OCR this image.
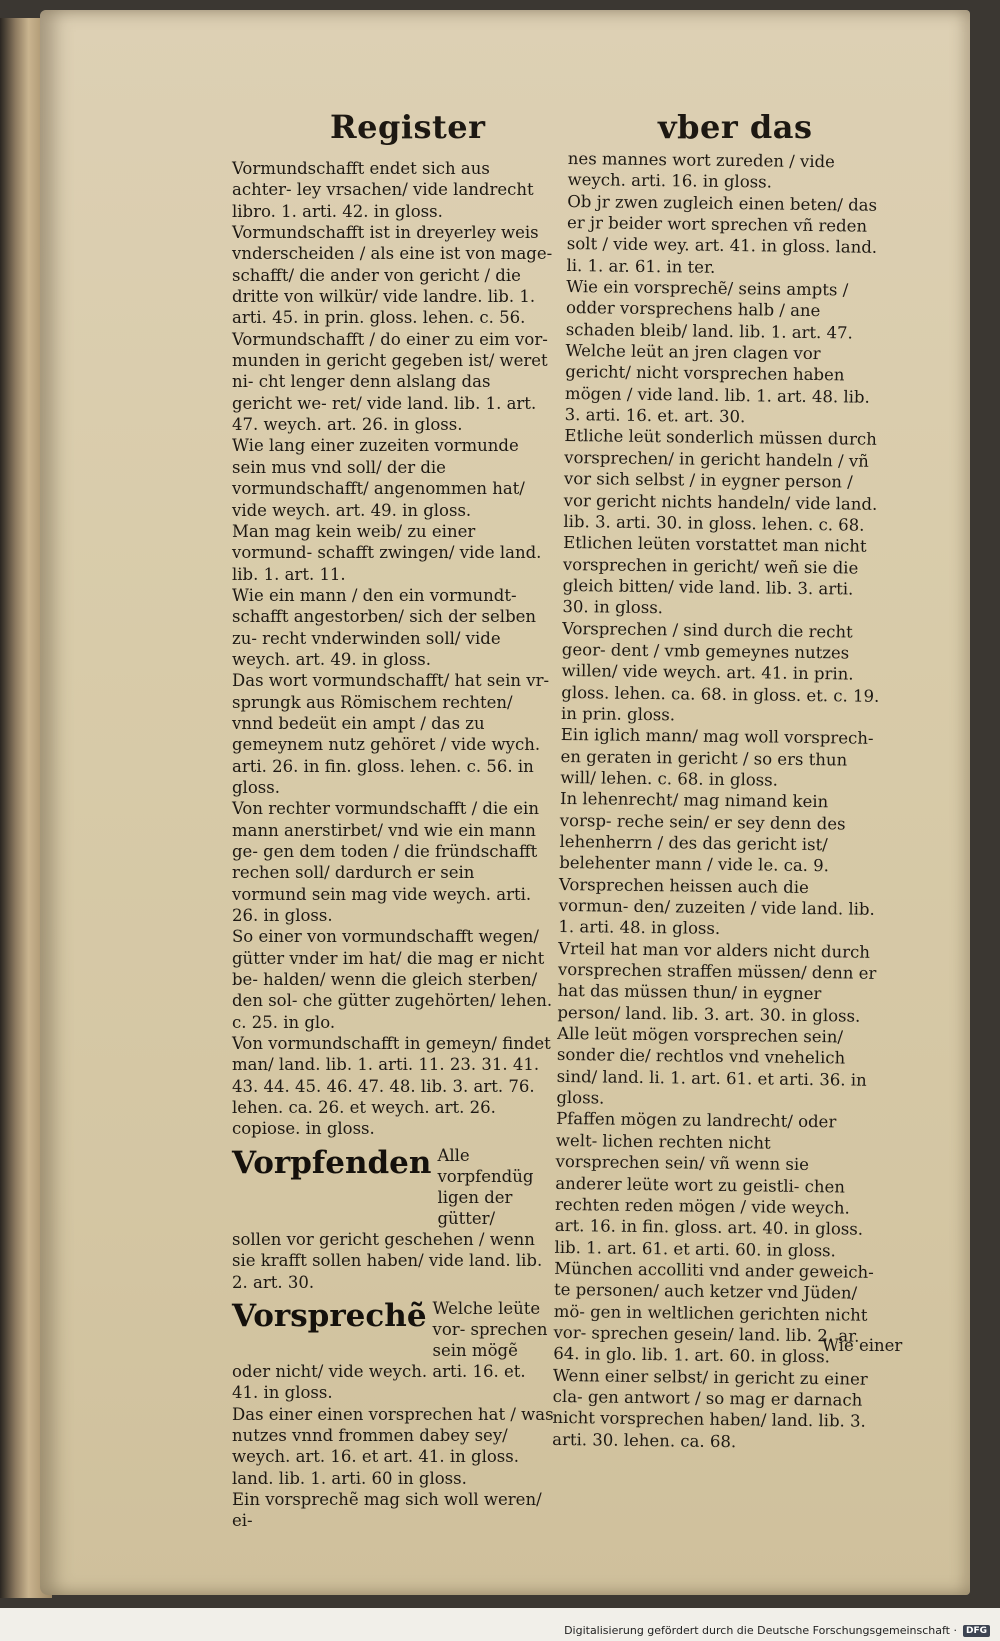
Register	vber das

Vormundschafft endet sich aus achter- ley vrsachen/ vide landrecht libro. 1. arti. 42. in gloss.

Vormundschafft ist in dreyerley weis vnderscheiden / als eine ist von mage- schafft/ die ander von gericht / die dritte von wilkür/ vide landre. lib. 1. arti. 45. in prin. gloss. lehen. c. 56.

Vormundschafft / do einer zu eim vor- munden in gericht gegeben ist/ weret ni- cht lenger denn alslang das gericht we- ret/ vide land. lib. 1. art. 47. weych. art. 26. in gloss.

Wie lang einer zuzeiten vormunde sein mus vnd soll/ der die vormundschafft/ angenommen hat/ vide weych. art. 49. in gloss.

Man mag kein weib/ zu einer vormund- schafft zwingen/ vide land. lib. 1. art. 11.

Wie ein mann / den ein vormundt- schafft angestorben/ sich der selben zu- recht vnderwinden soll/ vide weych. art. 49. in gloss.

Das wort vormundschafft/ hat sein vr- sprungk aus Römischem rechten/ vnnd bedeüt ein ampt / das zu gemeynem nutz gehöret / vide wych. arti. 26. in fin. gloss. lehen. c. 56. in gloss.

Von rechter vormundschafft / die ein mann anerstirbet/ vnd wie ein mann ge- gen dem toden / die fründschafft rechen soll/ dardurch er sein vormund sein mag vide weych. arti. 26. in gloss.

So einer von vormundschafft wegen/ gütter vnder im hat/ die mag er nicht be- halden/ wenn die gleich sterben/ den sol- che gütter zugehörten/ lehen. c. 25. in glo.

Von vormundschafft in gemeyn/ findet man/ land. lib. 1. arti. 11. 23. 31. 41. 43. 44. 45. 46. 47. 48. lib. 3. art. 76. lehen. ca. 26. et weych. art. 26. copiose. in gloss.

Vorpfenden Alle vorpfendüg ligen der gütter/

sollen vor gericht geschehen / wenn sie krafft sollen haben/ vide land. lib. 2. art. 30.

Vorsprechẽ Welche leüte vor- sprechen sein mögẽ

oder nicht/ vide weych. arti. 16. et. 41. in gloss.

Das einer einen vorsprechen hat / was nutzes vnnd frommen dabey sey/ weych. art. 16. et art. 41. in gloss. land. lib. 1. arti. 60 in gloss.

Ein vorsprechẽ mag sich woll weren/ ei-

nes mannes wort zureden / vide weych. arti. 16. in gloss.

Ob jr zwen zugleich einen beten/ das er jr beider wort sprechen vñ reden solt / vide wey. art. 41. in gloss. land. li. 1. ar. 61. in ter.

Wie ein vorsprechẽ/ seins ampts / odder vorsprechens halb / ane schaden bleib/ land. lib. 1. art. 47.

Welche leüt an jren clagen vor gericht/ nicht vorsprechen haben mögen / vide land. lib. 1. art. 48. lib. 3. arti. 16. et. art. 30.

Etliche leüt sonderlich müssen durch vorsprechen/ in gericht handeln / vñ vor sich selbst / in eygner person / vor gericht nichts handeln/ vide land. lib. 3. arti. 30. in gloss. lehen. c. 68.

Etlichen leüten vorstattet man nicht vorsprechen in gericht/ weñ sie die gleich bitten/ vide land. lib. 3. arti. 30. in gloss.

Vorsprechen / sind durch die recht geor- dent / vmb gemeynes nutzes willen/ vide weych. art. 41. in prin. gloss. lehen. ca. 68. in gloss. et. c. 19. in prin. gloss.

Ein iglich mann/ mag woll vorsprech- en geraten in gericht / so ers thun will/ lehen. c. 68. in gloss.

In lehenrecht/ mag nimand kein vorsp- reche sein/ er sey denn des lehenherrn / des das gericht ist/ belehenter mann / vide le. ca. 9.

Vorsprechen heissen auch die vormun- den/ zuzeiten / vide land. lib. 1. arti. 48. in gloss.

Vrteil hat man vor alders nicht durch vorsprechen straffen müssen/ denn er hat das müssen thun/ in eygner person/ land. lib. 3. art. 30. in gloss.

Alle leüt mögen vorsprechen sein/ sonder die/ rechtlos vnd vnehelich sind/ land. li. 1. art. 61. et arti. 36. in gloss.

Pfaffen mögen zu landrecht/ oder welt- lichen rechten nicht vorsprechen sein/ vñ wenn sie anderer leüte wort zu geistli- chen rechten reden mögen / vide weych. art. 16. in fin. gloss. art. 40. in gloss. lib. 1. art. 61. et arti. 60. in gloss.

München accolliti vnd ander geweich- te personen/ auch ketzer vnd Jüden/ mö- gen in weltlichen gerichten nicht vor- sprechen gesein/ land. lib. 2. ar. 64. in glo. lib. 1. art. 60. in gloss.

Wenn einer selbst/ in gericht zu einer cla- gen antwort / so mag er darnach nicht vorsprechen haben/ land. lib. 3. arti. 30. lehen. ca. 68.

Wie einer
Digitalisierung gefördert durch die Deutsche Forschungsgemeinschaft ·	DFG
